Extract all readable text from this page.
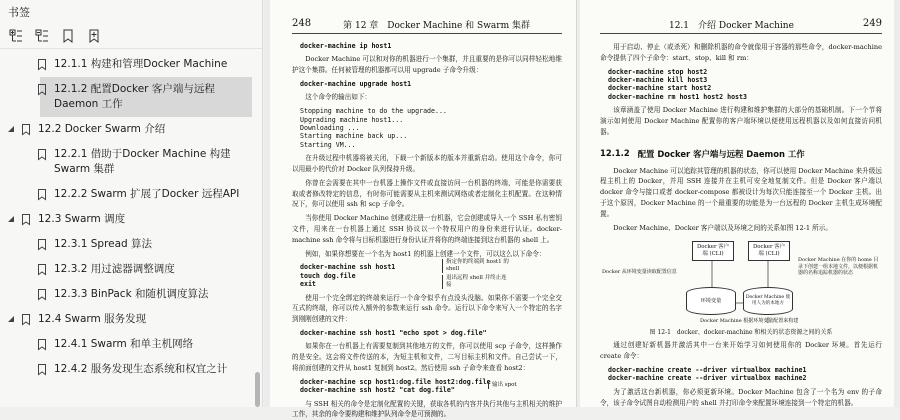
书签
12.1.1 构建和管理Docker Machine
12.1.2 配置Docker 客户端与远程Daemon 工作
12.2 Docker Swarm 介绍
12.2.1 借助于Docker Machine 构建Swarm 集群
12.2.2 Swarm 扩展了Docker 远程API
12.3 Swarm 调度
12.3.1 Spread 算法
12.3.2 用过滤器调整调度
12.3.3 BinPack 和随机调度算法
12.4 Swarm 服务发现
12.4.1 Swarm 和单主机网络
12.4.2 服务发现生态系统和权宜之计
248	第 12 章　Docker Machine 和 Swarm 集群
docker-machine ip host1

Docker Machine 可以和对你的机器进行一个集群，并且重要的是你可以同样轻松地维护这个集群。任何被管理的机器都可以用 upgrade 子命令升级：

docker-machine upgrade host1

这个命令的输出如下：

Stopping machine to do the upgrade...
Upgrading machine host1...
Downloading ...
Starting machine back up...
Starting VM...

在升级过程中机器将被关闭，下载一个新版本的版本并重新启动。使用这个命令，你可以用最小的代价对 Docker 队列保持升级。

你曾在会需要在其中一台机器上操作文件或直接访问一台机器的终端，可能是你需要获取或者修改特定的信息，有时你可能需要从主机来测试网络或者定制化主机配置。在这种情况下，你可以使用 ssh 和 scp 子命令。

当你使用 Docker Machine 创建或注册一台机器，它会创建或导入一个 SSH 私有密钥文件，用来在一台机器上通过 SSH 协议以一个特权用户的身份来进行认证。docker-machine ssh 命令将与目标机器进行身份认证并将你的终端连接到这台机器的 shell 上。

例如，如果你想要在一个名为 host1 的机器上创建一个文件，可以这么以下命令：

docker-machine ssh host1
touch dog.file
exit
指定你的终端到 host1 的 shell
退出远程 shell 并终止连接

使用一个完全绑定的终端来运行一个命令似乎有点没头没脑。如果你不需要一个完全交互式的终端，你可以传入额外的参数来运行 ssh 命令。运行以下命令来写入一个特定的名字到刚刚创建的文件：

docker-machine ssh host1 "echo spot > dog.file"

如果你在一台机器上有需要复制到其他地方的文件，你可以使用 scp 子命令，这样操作的是安全。这会将文件传送的本，为短主机和文件，二写目标主机和文件。自己尝试一下，将前面创建的文件从 host1 复制到 host2。然后使用 ssh 子命令来查看 host2：

docker-machine scp host1:dog.file host2:dog.file
docker-machine ssh host2 "cat dog.file"
输出 spot

与 SSH 相关的命令是定制化配置的关键，获取各机的内容并执行其他与主机相关的维护工作，其余的命令要构建和维护队列命令是可预测的。

12.1　介绍 Docker Machine	249

用于启动、停止（或杀死）和删除机器的命令就像用于容器的那些命令，docker-machine 命令提供了四个子命令：start、stop、kill 和 rm：

docker-machine stop host2
docker-machine kill host3
docker-machine start host2
docker-machine rm host1 host2 host3

该章涵盖了使用 Docker Machine 进行构建和维护集群的大部分的基础机制。下一个节将演示如何使用 Docker Machine 配置你的客户端环境以便使用远程机器以及如何直接访问机器。

12.1.2 配置 Docker 客户端与远程 Daemon 工作

Docker Machine 可以追踪其管理的机器的状态，你可以使用 Docker Machine 来升级远程主机上的 Docker，并用 SSH 连接并在主机可安全地复制文件。但是 Docker 客户端以 docker 命令与接口或者 docker-compose 都被设计为每次只能连接至一个 Docker 主机。出于这个原因，Docker Machine 的一个最重要的功能是为一台远程的 Docker 主机生成环境配置。

Docker Machine、Docker 客户端以及环境之间的关系如图 12-1 所示。

Docker 客户端 (CLI)
Docker 客户端 (CLI)
环境变量
Docker Machine 使用人为的本地方
Docker 从环境变量读取配置信息
Docker Machine 在你的 home 目录下创建一组本地文件，以便根据机器的名称追踪机器的状态
Docker Machine 根据环境变量配置来构建
图 12-1　docker、docker-machine 和相关的状态资源之间的关系

通过创建好新机器并激活其中一台来开始学习如何使用你的 Docker 环境。首先运行 create 命令：

docker-machine create --driver virtualbox machine1
docker-machine create --driver virtualbox machine2

为了激活这台新机器，你必须更新环境。Docker Machine 包含了一个名为 env 的子命令，该子命令试图自动检测用户的 shell 并打印命令来配置环境连接到一个特定的机器。
